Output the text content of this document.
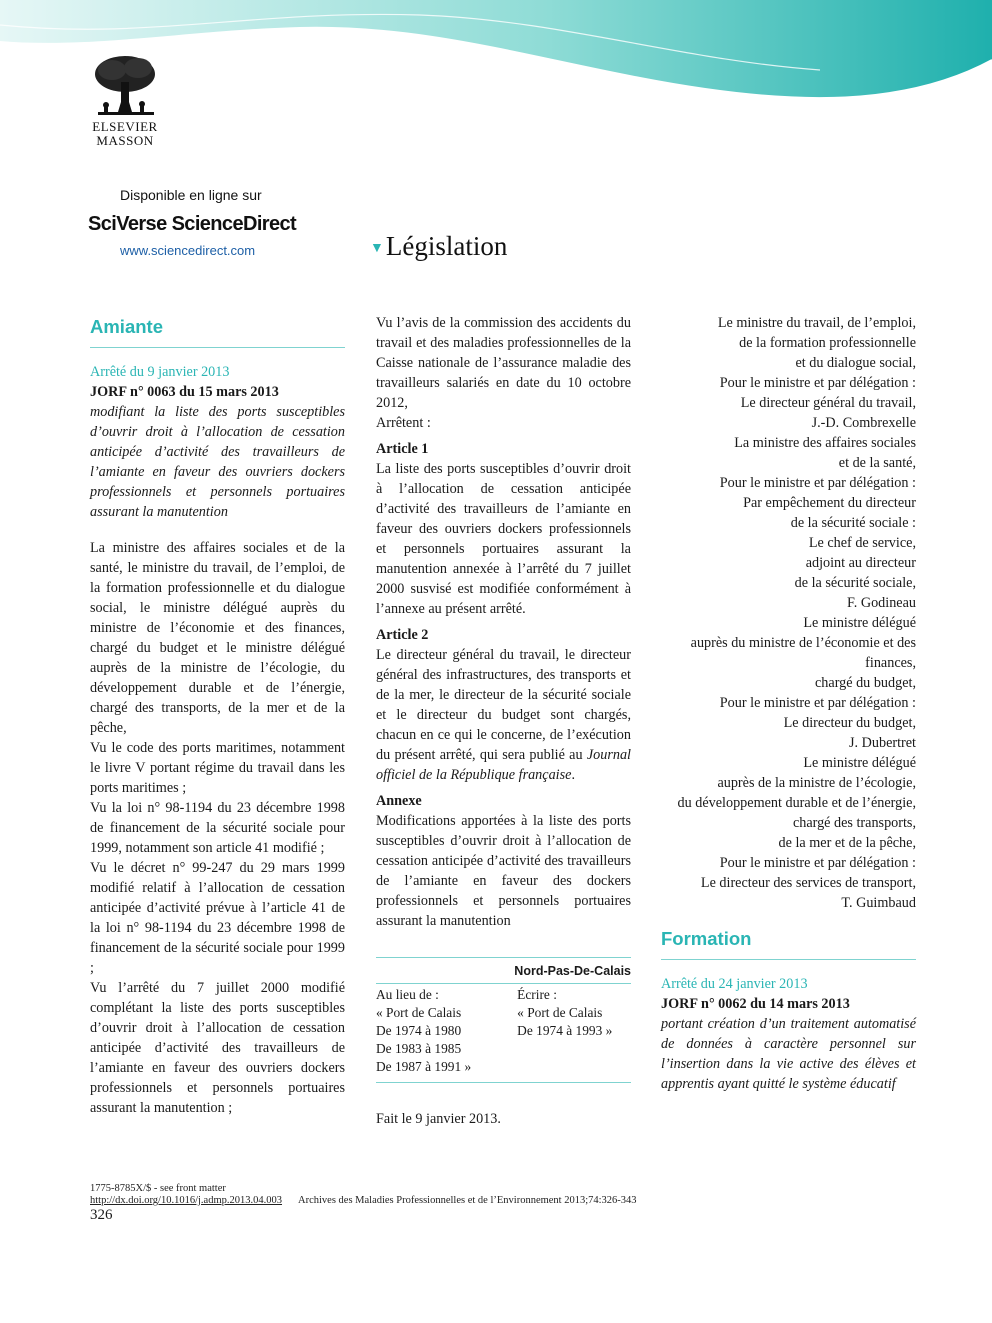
ELSEVIER
MASSON
Disponible en ligne sur
SciVerse ScienceDirect
www.sciencedirect.com	▼Législation
Amiante

Arrêté du 9 janvier 2013

JORF n° 0063 du 15 mars 2013

modifiant la liste des ports susceptibles d’ouvrir droit à l’allocation de cessation anticipée d’activité des travailleurs de l’amiante en faveur des ouvriers dockers professionnels et personnels portuaires assurant la manutention

La ministre des affaires sociales et de la santé, le ministre du travail, de l’emploi, de la formation professionnelle et du dialogue social, le ministre délégué auprès du ministre de l’économie et des finances, chargé du budget et le ministre délégué auprès de la ministre de l’écologie, du développement durable et de l’énergie, chargé des transports, de la mer et de la pêche,

Vu le code des ports maritimes, notamment le livre V portant régime du travail dans les ports maritimes ;

Vu la loi n° 98-1194 du 23 décembre 1998 de financement de la sécurité sociale pour 1999, notamment son article 41 modifié ;

Vu le décret n° 99-247 du 29 mars 1999 modifié relatif à l’allocation de cessation anticipée d’activité prévue à l’article 41 de la loi n° 98-1194 du 23 décembre 1998 de financement de la sécurité sociale pour 1999 ;

Vu l’arrêté du 7 juillet 2000 modifié complétant la liste des ports susceptibles d’ouvrir droit à l’allocation de cessation anticipée d’activité des travailleurs de l’amiante en faveur des ouvriers dockers professionnels et personnels portuaires assurant la manutention ;

Vu l’avis de la commission des accidents du travail et des maladies professionnelles de la Caisse nationale de l’assurance maladie des travailleurs salariés en date du 10 octobre 2012,

Arrêtent :

Article 1

La liste des ports susceptibles d’ouvrir droit à l’allocation de cessation anticipée d’activité des travailleurs de l’amiante en faveur des ouvriers dockers professionnels et personnels portuaires assurant la manutention annexée à l’arrêté du 7 juillet 2000 susvisé est modifiée conformément à l’annexe au présent arrêté.

Article 2

Le directeur général du travail, le directeur général des infrastructures, des transports et de la mer, le directeur de la sécurité sociale et le directeur du budget sont chargés, chacun en ce qui le concerne, de l’exécution du présent arrêté, qui sera publié au Journal officiel de la République française.

Annexe

Modifications apportées à la liste des ports susceptibles d’ouvrir droit à l’allocation de cessation anticipée d’activité des travailleurs de l’amiante en faveur des dockers professionnels et personnels portuaires assurant la manutention

Nord-Pas-De-Calais

Au lieu de :
« Port de Calais
De 1974 à 1980
De 1983 à 1985
De 1987 à 1991 »

Écrire :
« Port de Calais
De 1974 à 1993 »

Fait le 9 janvier 2013.

Le ministre du travail, de l’emploi,

de la formation professionnelle

et du dialogue social,

Pour le ministre et par délégation :

Le directeur général du travail,

J.-D. Combrexelle

La ministre des affaires sociales

et de la santé,

Pour le ministre et par délégation :

Par empêchement du directeur

de la sécurité sociale :

Le chef de service,

adjoint au directeur

de la sécurité sociale,

F. Godineau

Le ministre délégué

auprès du ministre de l’économie et des finances,

chargé du budget,

Pour le ministre et par délégation :

Le directeur du budget,

J. Dubertret

Le ministre délégué

auprès de la ministre de l’écologie,

du développement durable et de l’énergie,

chargé des transports,

de la mer et de la pêche,

Pour le ministre et par délégation :

Le directeur des services de transport,

T. Guimbaud

Formation

Arrêté du 24 janvier 2013

JORF n° 0062 du 14 mars 2013

portant création d’un traitement automatisé de données à caractère personnel sur l’insertion dans la vie active des élèves et apprentis ayant quitté le système éducatif

1775-8785X/$ - see front matter
http://dx.doi.org/10.1016/j.admp.2013.04.003 Archives des Maladies Professionnelles et de l’Environnement 2013;74:326-343
326
